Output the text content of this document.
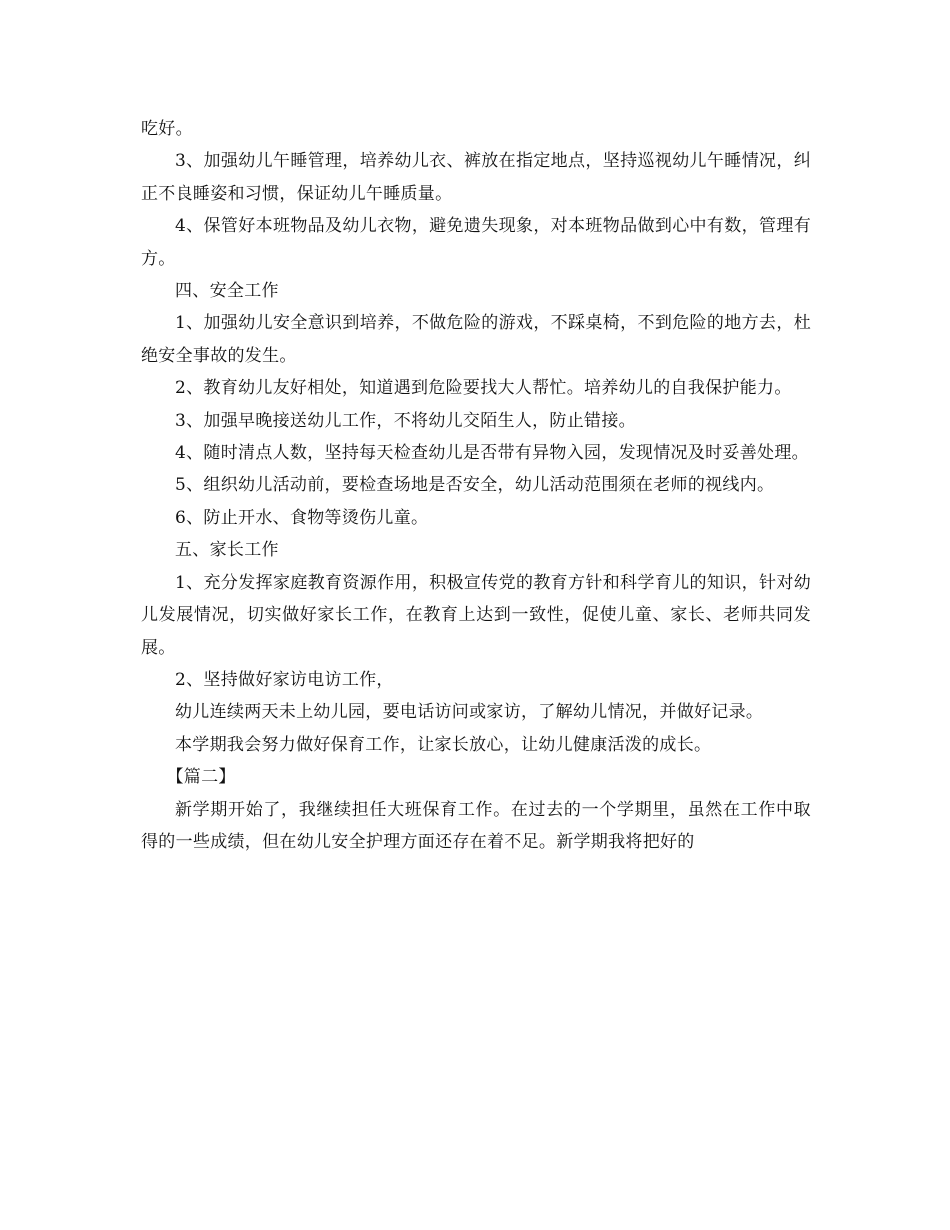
吃好。

3、加强幼儿午睡管理，培养幼儿衣、裤放在指定地点，坚持巡视幼儿午睡情况，纠正不良睡姿和习惯，保证幼儿午睡质量。

4、保管好本班物品及幼儿衣物，避免遗失现象，对本班物品做到心中有数，管理有方。

四、安全工作

1、加强幼儿安全意识到培养，不做危险的游戏，不踩桌椅，不到危险的地方去，杜绝安全事故的发生。

2、教育幼儿友好相处，知道遇到危险要找大人帮忙。培养幼儿的自我保护能力。

3、加强早晚接送幼儿工作，不将幼儿交陌生人，防止错接。

4、随时清点人数，坚持每天检查幼儿是否带有异物入园，发现情况及时妥善处理。

5、组织幼儿活动前，要检查场地是否安全，幼儿活动范围须在老师的视线内。

6、防止开水、食物等烫伤儿童。

五、家长工作

1、充分发挥家庭教育资源作用，积极宣传党的教育方针和科学育儿的知识，针对幼儿发展情况，切实做好家长工作，在教育上达到一致性，促使儿童、家长、老师共同发展。

2、坚持做好家访电访工作，

幼儿连续两天未上幼儿园，要电话访问或家访，了解幼儿情况，并做好记录。

本学期我会努力做好保育工作，让家长放心，让幼儿健康活泼的成长。

【篇二】

新学期开始了，我继续担任大班保育工作。在过去的一个学期里，虽然在工作中取得的一些成绩，但在幼儿安全护理方面还存在着不足。新学期我将把好的
